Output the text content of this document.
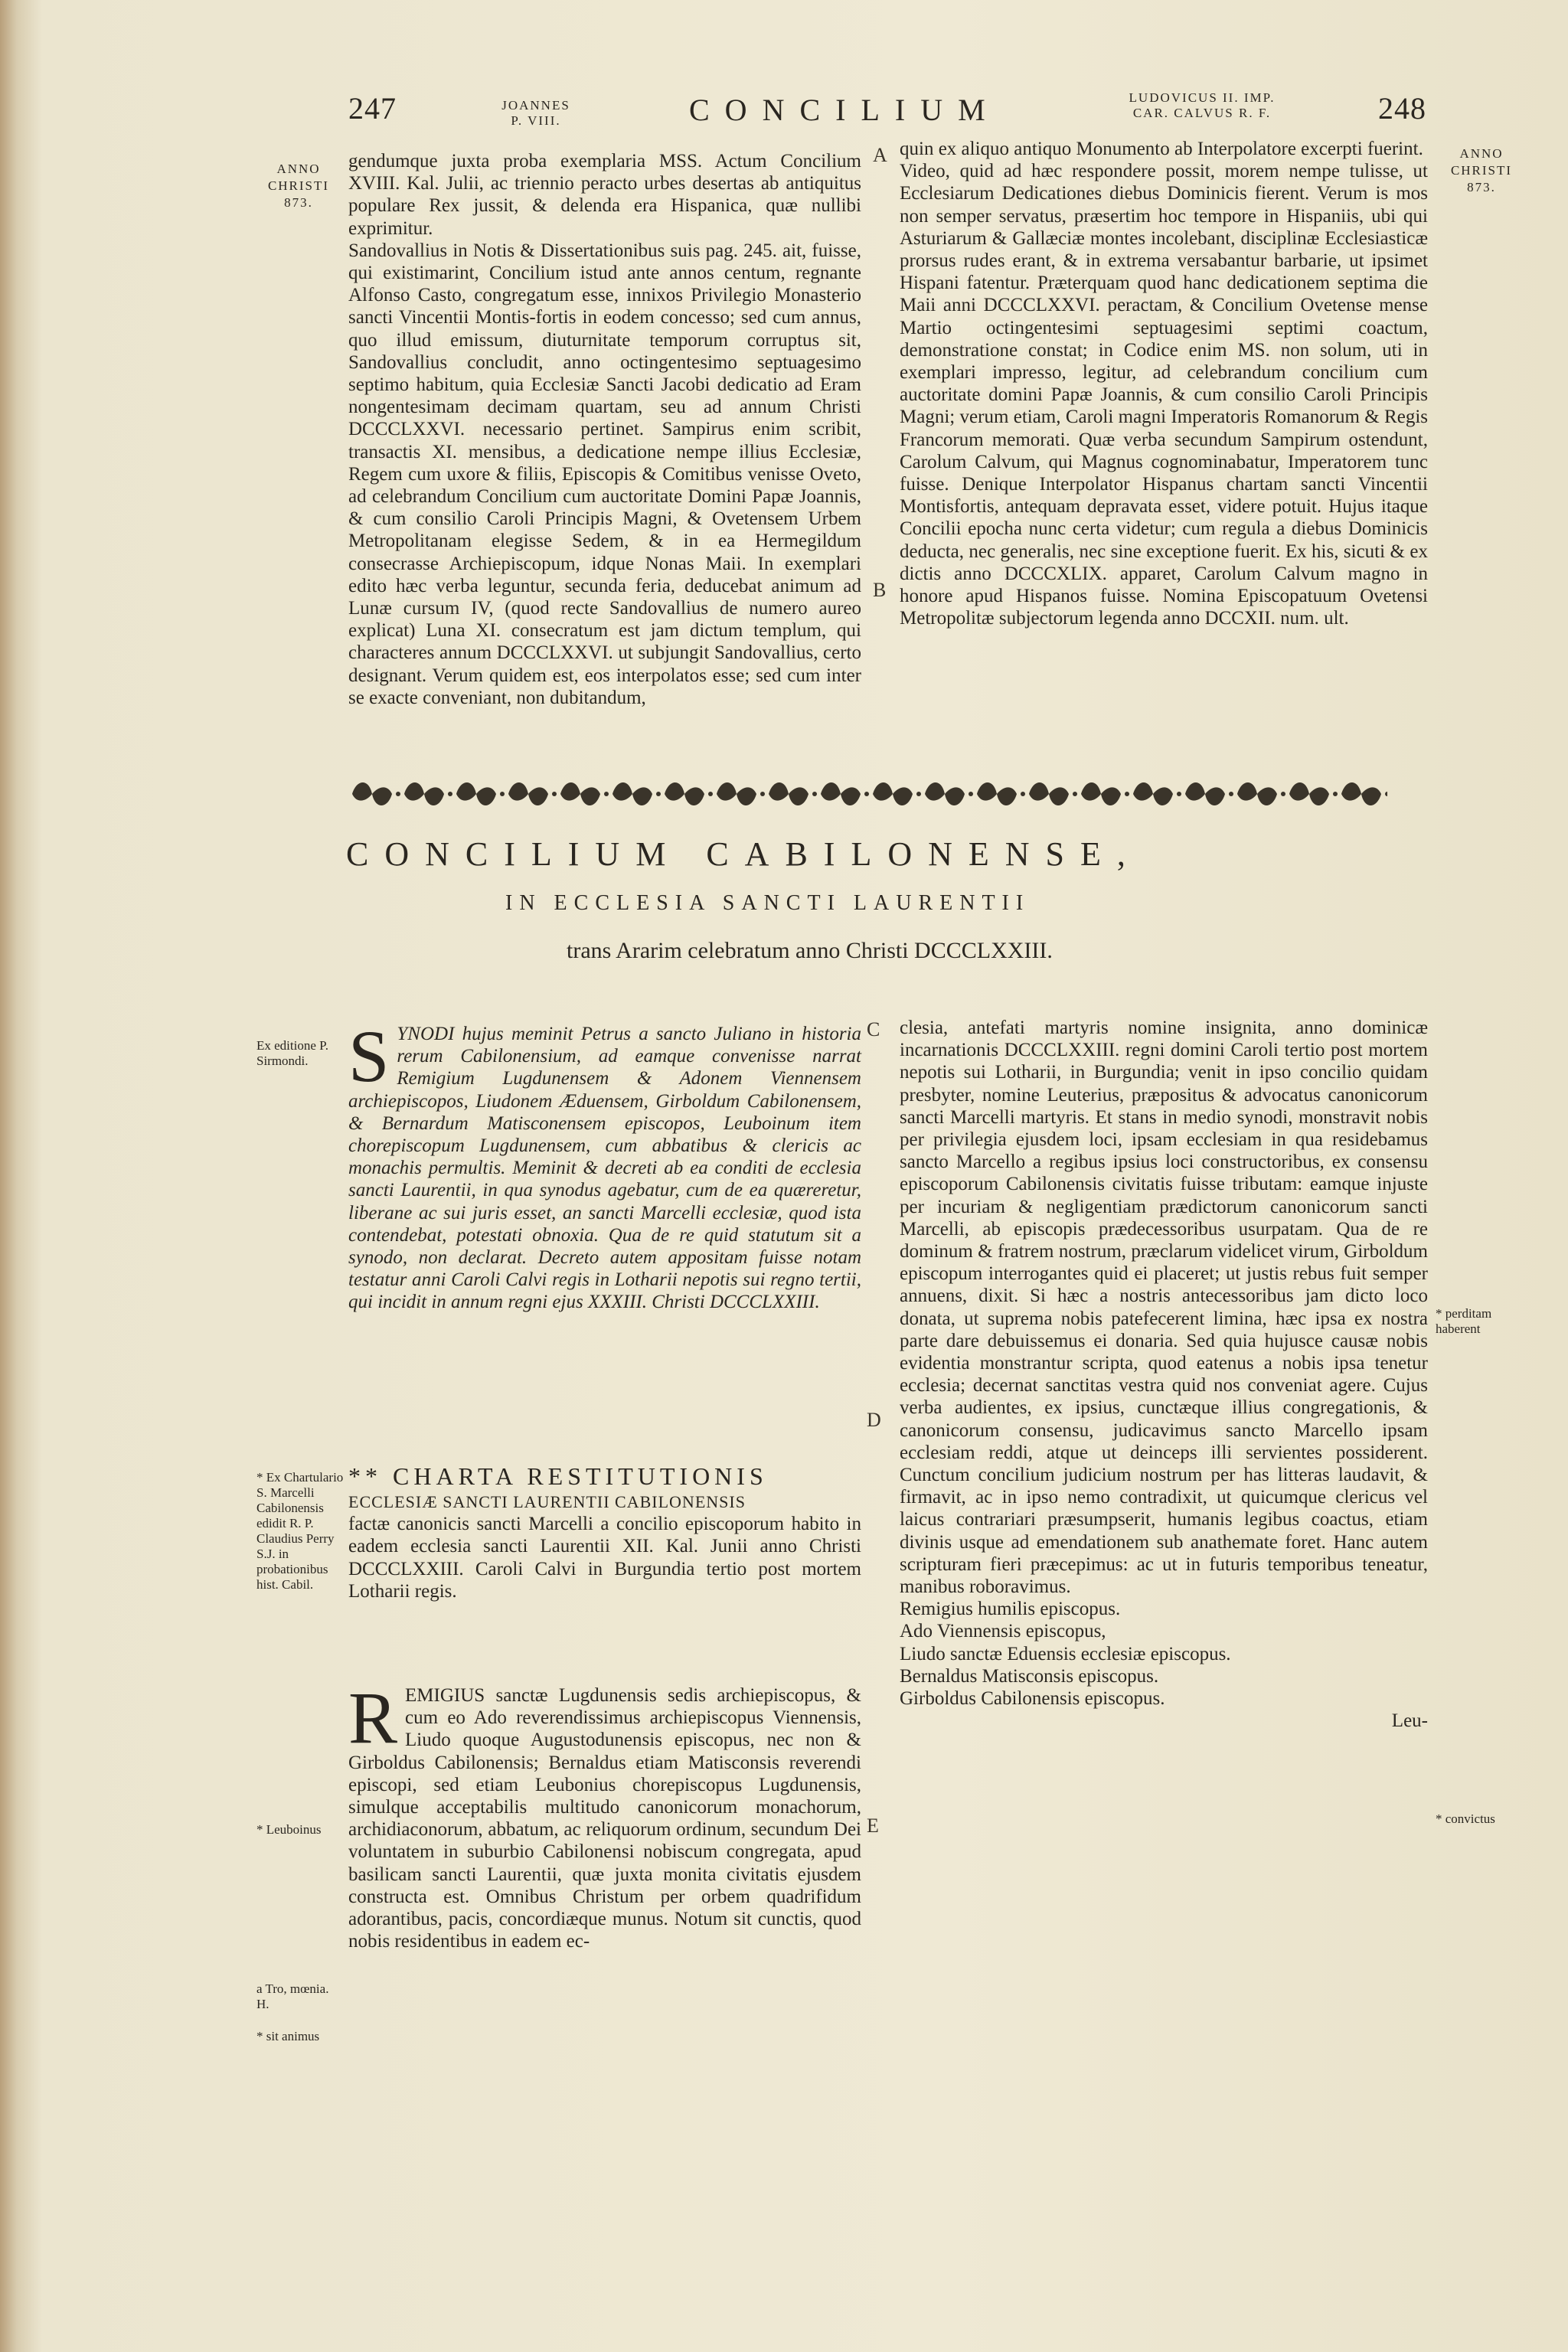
247	JOANNES
P. VIII.	CONCILIUM	LUDOVICUS II. IMP.
CAR. CALVUS R. F.	248
ANNO
CHRISTI
873.
ANNO
CHRISTI
873.
gendumque juxta proba exemplaria MSS. Actum Concilium XVIII. Kal. Julii, ac triennio peracto urbes desertas ab antiquitus populare Rex jussit, & delenda era Hispanica, quæ nullibi exprimitur.
Sandovallius in Notis & Dissertationibus suis pag. 245. ait, fuisse, qui existimarint, Concilium istud ante annos centum, regnante Alfonso Casto, congregatum esse, innixos Privilegio Monasterio sancti Vincentii Montis-fortis in eodem concesso; sed cum annus, quo illud emissum, diuturnitate temporum corruptus sit, Sandovallius concludit, anno octingentesimo septuagesimo septimo habitum, quia Ecclesiæ Sancti Jacobi dedicatio ad Eram nongentesimam decimam quartam, seu ad annum Christi DCCCLXXVI. necessario pertinet. Sampirus enim scribit, transactis XI. mensibus, a dedicatione nempe illius Ecclesiæ, Regem cum uxore & filiis, Episcopis & Comitibus venisse Oveto, ad celebrandum Concilium cum auctoritate Domini Papæ Joannis, & cum consilio Caroli Principis Magni, & Ovetensem Urbem Metropolitanam elegisse Sedem, & in ea Hermegildum consecrasse Archiepiscopum, idque Nonas Maii. In exemplari edito hæc verba leguntur, secunda feria, deducebat animum ad Lunæ cursum IV, (quod recte Sandovallius de numero aureo explicat) Luna XI. consecratum est jam dictum templum, qui characteres annum DCCCLXXVI. ut subjungit Sandovallius, certo designant. Verum quidem est, eos interpolatos esse; sed cum inter se exacte conveniant, non dubitandum,
quin ex aliquo antiquo Monumento ab Interpolatore excerpti fuerint.
Video, quid ad hæc respondere possit, morem nempe tulisse, ut Ecclesiarum Dedicationes diebus Dominicis fierent. Verum is mos non semper servatus, præsertim hoc tempore in Hispaniis, ubi qui Asturiarum & Gallæciæ montes incolebant, disciplinæ Ecclesiasticæ prorsus rudes erant, & in extrema versabantur barbarie, ut ipsimet Hispani fatentur. Præterquam quod hanc dedicationem septima die Maii anni DCCCLXXVI. peractam, & Concilium Ovetense mense Martio octingentesimi septuagesimi septimi coactum, demonstratione constat; in Codice enim MS. non solum, uti in exemplari impresso, legitur, ad celebrandum concilium cum auctoritate domini Papæ Joannis, & cum consilio Caroli Principis Magni; verum etiam, Caroli magni Imperatoris Romanorum & Regis Francorum memorati. Quæ verba secundum Sampirum ostendunt, Carolum Calvum, qui Magnus cognominabatur, Imperatorem tunc fuisse. Denique Interpolator Hispanus chartam sancti Vincentii Montisfortis, antequam depravata esset, videre potuit. Hujus itaque Concilii epocha nunc certa videtur; cum regula a diebus Dominicis deducta, nec generalis, nec sine exceptione fuerit. Ex his, sicuti & ex dictis anno DCCCXLIX. apparet, Carolum Calvum magno in honore apud Hispanos fuisse. Nomina Episcopatuum Ovetensi Metropolitæ subjectorum legenda anno DCCXII. num. ult.
A
B
C
D
E
CONCILIUM CABILONENSE,
IN ECCLESIA SANCTI LAURENTII
trans Ararim celebratum anno Christi DCCCLXXIII.
Ex editione P. Sirmondi.
* Ex Chartulario S. Marcelli Cabilonensis edidit R. P. Claudius Perry S.J. in probationibus hist. Cabil.
* Leuboinus
a Tro, mœnia. H.
* sit animus
* perditam haberent
* convictus
S YNODI hujus meminit Petrus a sancto Juliano in historia rerum Cabilonensium, ad eamque convenisse narrat Remigium Lugdunensem & Adonem Viennensem archiepiscopos, Liudonem Æduensem, Girboldum Cabilonensem, & Bernardum Matisconensem episcopos, Leuboinum item chorepiscopum Lugdunensem, cum abbatibus & clericis ac monachis permultis. Meminit & decreti ab ea conditi de ecclesia sancti Laurentii, in qua synodus agebatur, cum de ea quæreretur, liberane ac sui juris esset, an sancti Marcelli ecclesiæ, quod ista contendebat, potestati obnoxia. Qua de re quid statutum sit a synodo, non declarat. Decreto autem appositam fuisse notam testatur anni Caroli Calvi regis in Lotharii nepotis sui regno tertii, qui incidit in annum regni ejus XXXIII. Christi DCCCLXXIII.
** CHARTA RESTITUTIONIS
ECCLESIÆ SANCTI LAURENTII CABILONENSIS
factæ canonicis sancti Marcelli a concilio episcoporum habito in eadem ecclesia sancti Laurentii XII. Kal. Junii anno Christi DCCCLXXIII. Caroli Calvi in Burgundia tertio post mortem Lotharii regis.
R EMIGIUS sanctæ Lugdunensis sedis archiepiscopus, & cum eo Ado reverendissimus archiepiscopus Viennensis, Liudo quoque Augustodunensis episcopus, nec non & Girboldus Cabilonensis; Bernaldus etiam Matisconsis reverendi episcopi, sed etiam Leubonius chorepiscopus Lugdunensis, simulque acceptabilis multitudo canonicorum monachorum, archidiaconorum, abbatum, ac reliquorum ordinum, secundum Dei voluntatem in suburbio Cabilonensi nobiscum congregata, apud basilicam sancti Laurentii, quæ juxta monita civitatis ejusdem constructa est. Omnibus Christum per orbem quadrifidum adorantibus, pacis, concordiæque munus. Notum sit cunctis, quod nobis residentibus in eadem ec-

clesia, antefati martyris nomine insignita, anno dominicæ incarnationis DCCCLXXIII. regni domini Caroli tertio post mortem nepotis sui Lotharii, in Burgundia; venit in ipso concilio quidam presbyter, nomine Leuterius, præpositus & advocatus canonicorum sancti Marcelli martyris. Et stans in medio synodi, monstravit nobis per privilegia ejusdem loci, ipsam ecclesiam in qua residebamus sancto Marcello a regibus ipsius loci constructoribus, ex consensu episcoporum Cabilonensis civitatis fuisse tributam: eamque injuste per incuriam & negligentiam prædictorum canonicorum sancti Marcelli, ab episcopis prædecessoribus usurpatam. Qua de re dominum & fratrem nostrum, præclarum videlicet virum, Girboldum episcopum interrogantes quid ei placeret; ut justis rebus fuit semper annuens, dixit. Si hæc a nostris antecessoribus jam dicto loco donata, ut suprema nobis patefecerent limina, hæc ipsa ex nostra parte dare debuissemus ei donaria. Sed quia hujusce causæ nobis evidentia monstrantur scripta, quod eatenus a nobis ipsa tenetur ecclesia; decernat sanctitas vestra quid nos conveniat agere. Cujus verba audientes, ex ipsius, cunctæque illius congregationis, & canonicorum consensu, judicavimus sancto Marcello ipsam ecclesiam reddi, atque ut deinceps illi servientes possiderent. Cunctum concilium judicium nostrum per has litteras laudavit, & firmavit, ac in ipso nemo contradixit, ut quicumque clericus vel laicus contrariari præsumpserit, humanis legibus coactus, etiam divinis usque ad emendationem sub anathemate foret. Hanc autem scripturam fieri præcepimus: ac ut in futuris temporibus teneatur, manibus roboravimus.

Remigius humilis episcopus.

Ado Viennensis episcopus,

Liudo sanctæ Eduensis ecclesiæ episcopus.

Bernaldus Matisconsis episcopus.

Girboldus Cabilonensis episcopus.

Leu-
